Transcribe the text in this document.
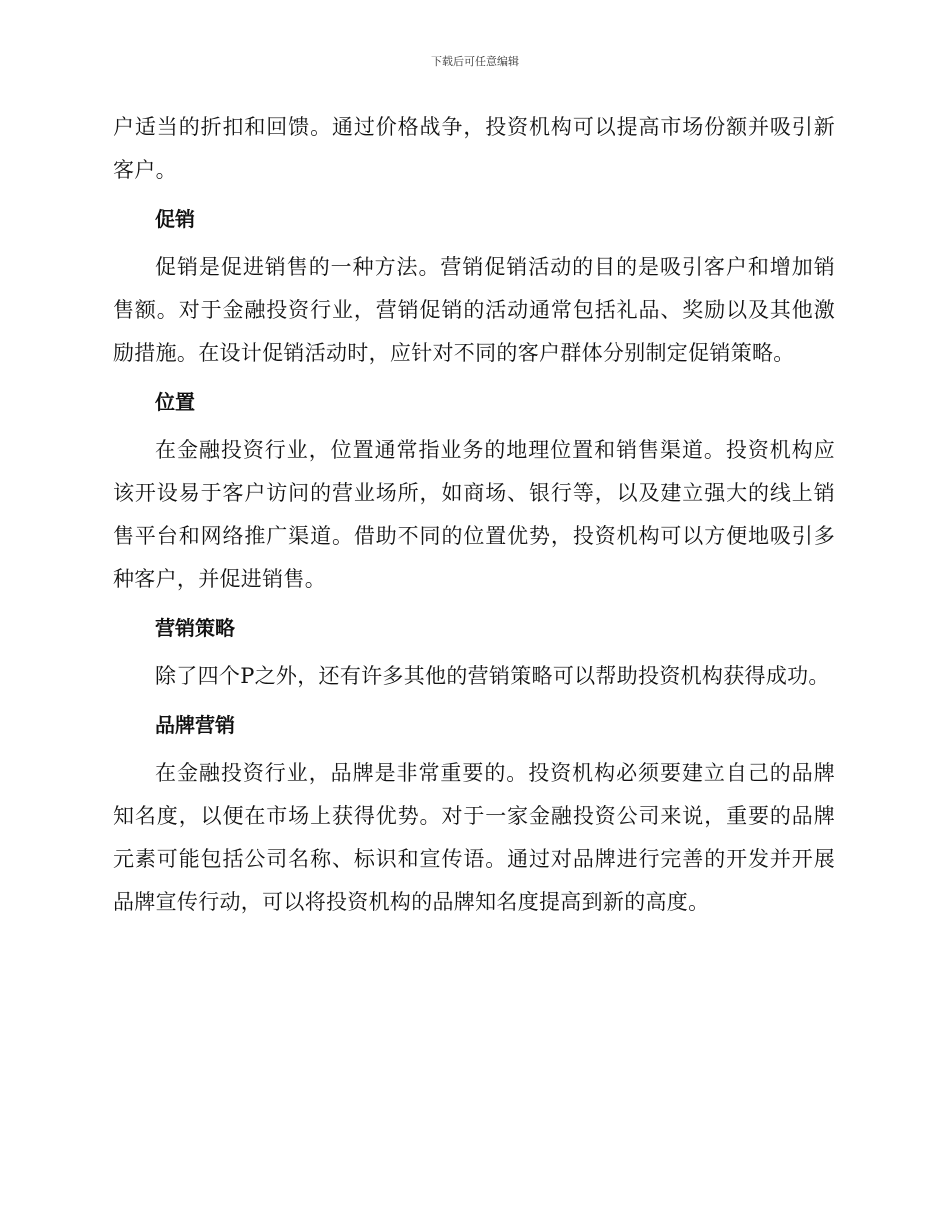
下载后可任意编辑

户适当的折扣和回馈。通过价格战争，投资机构可以提高市场份额并吸引新客户。

促销

促销是促进销售的一种方法。营销促销活动的目的是吸引客户和增加销售额。对于金融投资行业，营销促销的活动通常包括礼品、奖励以及其他激励措施。在设计促销活动时，应针对不同的客户群体分别制定促销策略。

位置

在金融投资行业，位置通常指业务的地理位置和销售渠道。投资机构应该开设易于客户访问的营业场所，如商场、银行等，以及建立强大的线上销售平台和网络推广渠道。借助不同的位置优势，投资机构可以方便地吸引多种客户，并促进销售。

营销策略

除了四个P之外，还有许多其他的营销策略可以帮助投资机构获得成功。

品牌营销

在金融投资行业，品牌是非常重要的。投资机构必须要建立自己的品牌知名度，以便在市场上获得优势。对于一家金融投资公司来说，重要的品牌元素可能包括公司名称、标识和宣传语。通过对品牌进行完善的开发并开展品牌宣传行动，可以将投资机构的品牌知名度提高到新的高度。
